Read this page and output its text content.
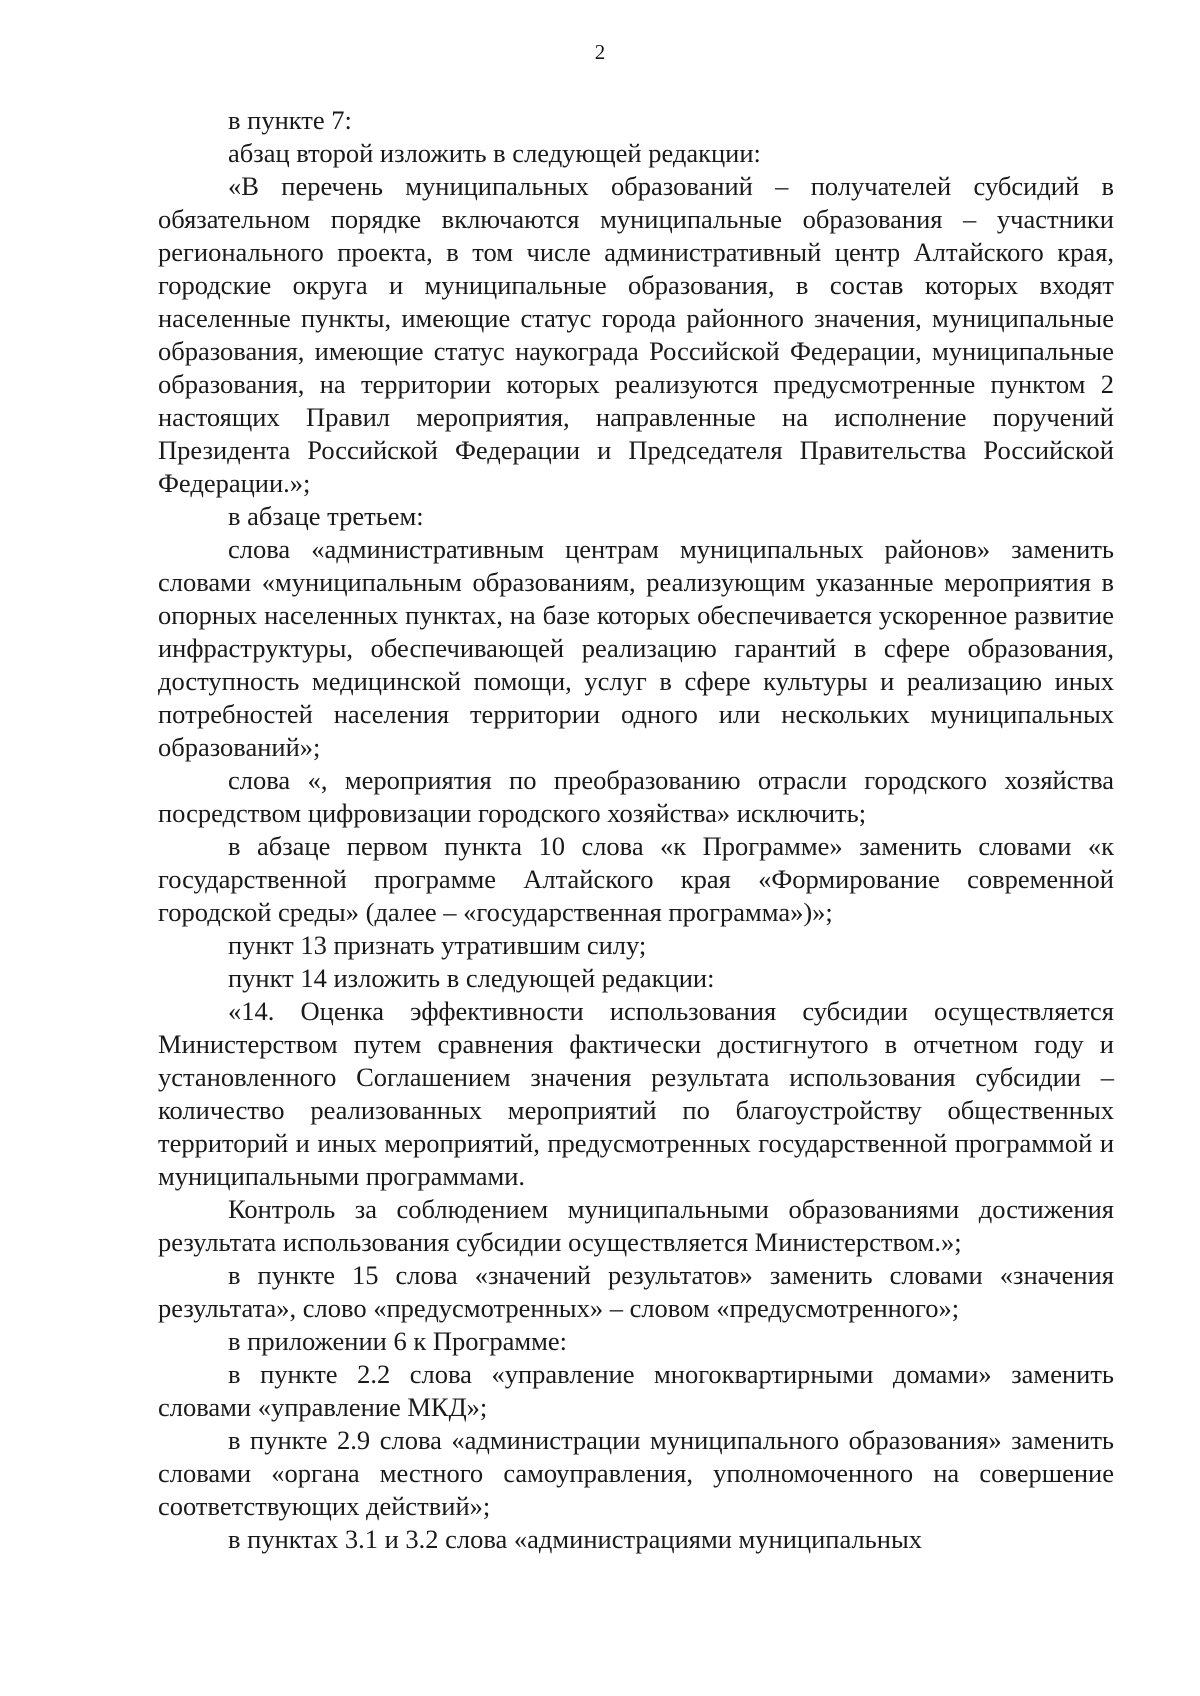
2

в пункте 7:

абзац второй изложить в следующей редакции:

«В перечень муниципальных образований – получателей субсидий в обязательном порядке включаются муниципальные образования – участники регионального проекта, в том числе административный центр Алтайского края, городские округа и муниципальные образования, в состав которых входят населенные пункты, имеющие статус города районного значения, муниципальные образования, имеющие статус наукограда Российской Федерации, муниципальные образования, на территории которых реализуются предусмотренные пунктом 2 настоящих Правил мероприятия, направленные на исполнение поручений Президента Российской Федерации и Председателя Правительства Российской Федерации.»;

в абзаце третьем:

слова «административным центрам муниципальных районов» заменить словами «муниципальным образованиям, реализующим указанные мероприятия в опорных населенных пунктах, на базе которых обеспечивается ускоренное развитие инфраструктуры, обеспечивающей реализацию гарантий в сфере образования, доступность медицинской помощи, услуг в сфере культуры и реализацию иных потребностей населения территории одного или нескольких муниципальных образований»;

слова «, мероприятия по преобразованию отрасли городского хозяйства посредством цифровизации городского хозяйства» исключить;

в абзаце первом пункта 10 слова «к Программе» заменить словами «к государственной программе Алтайского края «Формирование современной городской среды» (далее – «государственная программа»)»;

пункт 13 признать утратившим силу;

пункт 14 изложить в следующей редакции:

«14. Оценка эффективности использования субсидии осуществляется Министерством путем сравнения фактически достигнутого в отчетном году и установленного Соглашением значения результата использования субсидии – количество реализованных мероприятий по благоустройству общественных территорий и иных мероприятий, предусмотренных государственной программой и муниципальными программами.

Контроль за соблюдением муниципальными образованиями достижения результата использования субсидии осуществляется Министерством.»;

в пункте 15 слова «значений результатов» заменить словами «значения результата», слово «предусмотренных» – словом «предусмотренного»;

в приложении 6 к Программе:

в пункте 2.2 слова «управление многоквартирными домами» заменить словами «управление МКД»;

в пункте 2.9 слова «администрации муниципального образования» заменить словами «органа местного самоуправления, уполномоченного на совершение соответствующих действий»;

в пунктах 3.1 и 3.2 слова «администрациями муниципальных
